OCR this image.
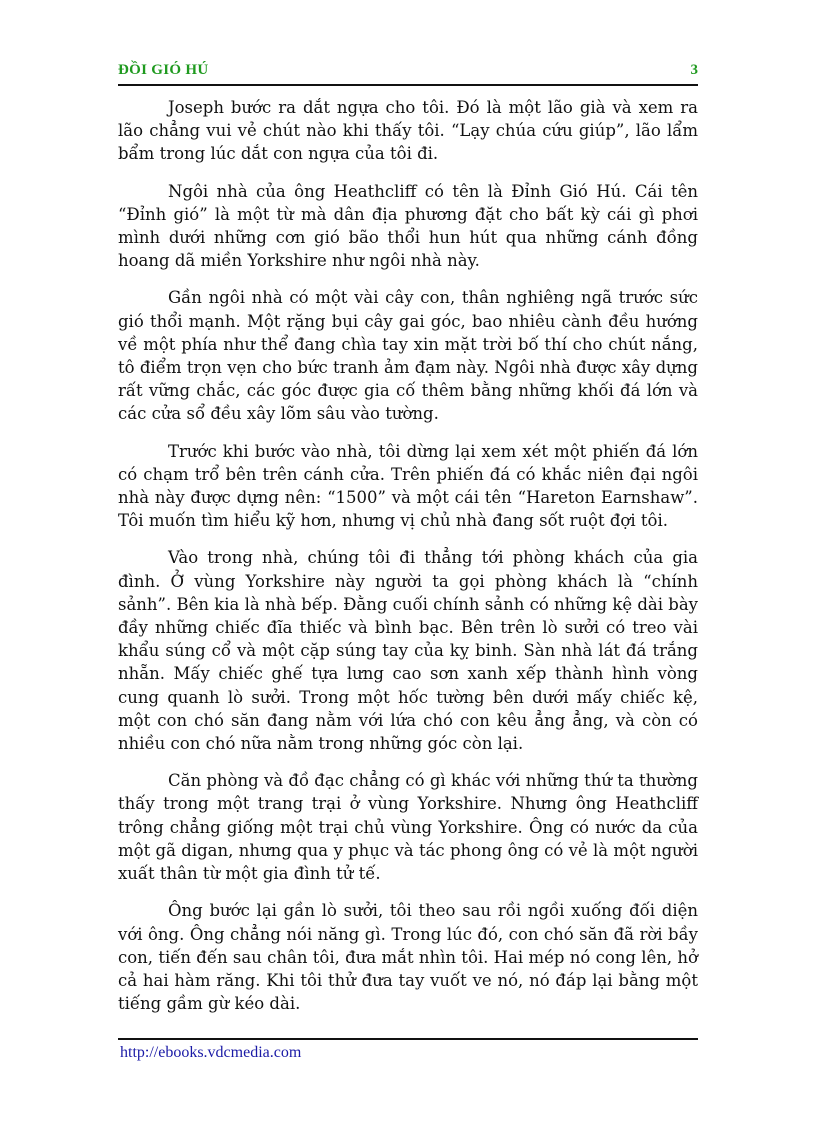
ĐỒI GIÓ HÚ	3

Joseph bước ra dắt ngựa cho tôi. Đó là một lão già và xem ra lão chẳng vui vẻ chút nào khi thấy tôi. “Lạy chúa cứu giúp”, lão lẩm bẩm trong lúc dắt con ngựa của tôi đi.

Ngôi nhà của ông Heathcliff có tên là Đỉnh Gió Hú. Cái tên “Đỉnh gió” là một từ mà dân địa phương đặt cho bất kỳ cái gì phơi mình dưới những cơn gió bão thổi hun hút qua những cánh đồng hoang dã miền Yorkshire như ngôi nhà này.

Gần ngôi nhà có một vài cây con, thân nghiêng ngã trước sức gió thổi mạnh. Một rặng bụi cây gai góc, bao nhiêu cành đều hướng về một phía như thể đang chìa tay xin mặt trời bố thí cho chút nắng, tô điểm trọn vẹn cho bức tranh ảm đạm này. Ngôi nhà được xây dựng rất vững chắc, các góc được gia cố thêm bằng những khối đá lớn và các cửa sổ đều xây lõm sâu vào tường.

Trước khi bước vào nhà, tôi dừng lại xem xét một phiến đá lớn có chạm trổ bên trên cánh cửa. Trên phiến đá có khắc niên đại ngôi nhà này được dựng nên: “1500” và một cái tên “Hareton Earnshaw”. Tôi muốn tìm hiểu kỹ hơn, nhưng vị chủ nhà đang sốt ruột đợi tôi.

Vào trong nhà, chúng tôi đi thẳng tới phòng khách của gia đình. Ở vùng Yorkshire này người ta gọi phòng khách là “chính sảnh”. Bên kia là nhà bếp. Đằng cuối chính sảnh có những kệ dài bày đầy những chiếc đĩa thiếc và bình bạc. Bên trên lò sưởi có treo vài khẩu súng cổ và một cặp súng tay của kỵ binh. Sàn nhà lát đá trắng nhẵn. Mấy chiếc ghế tựa lưng cao sơn xanh xếp thành hình vòng cung quanh lò sưởi. Trong một hốc tường bên dưới mấy chiếc kệ, một con chó săn đang nằm với lứa chó con kêu ẳng ẳng, và còn có nhiều con chó nữa nằm trong những góc còn lại.

Căn phòng và đồ đạc chẳng có gì khác với những thứ ta thường thấy trong một trang trại ở vùng Yorkshire. Nhưng ông Heathcliff trông chẳng giống một trại chủ vùng Yorkshire. Ông có nước da của một gã digan, nhưng qua y phục và tác phong ông có vẻ là một người xuất thân từ một gia đình tử tế.

Ông bước lại gần lò sưởi, tôi theo sau rồi ngồi xuống đối diện với ông. Ông chẳng nói năng gì. Trong lúc đó, con chó săn đã rời bầy con, tiến đến sau chân tôi, đưa mắt nhìn tôi. Hai mép nó cong lên, hở cả hai hàm răng. Khi tôi thử đưa tay vuốt ve nó, nó đáp lại bằng một tiếng gầm gừ kéo dài.

http://ebooks.vdcmedia.com
